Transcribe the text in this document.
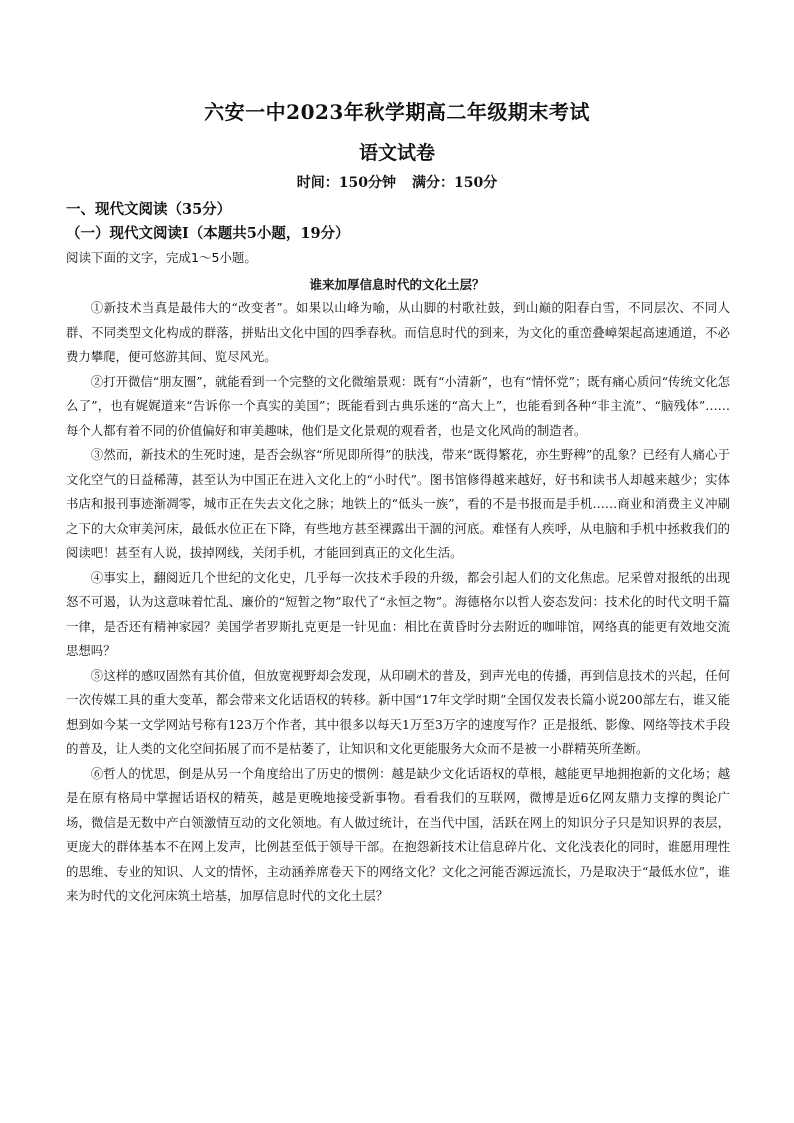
六安一中2023年秋学期高二年级期末考试
语文试卷
时间：150分钟 满分：150分
一、现代文阅读（35分）
（一）现代文阅读Ⅰ（本题共5小题，19分）
阅读下面的文字，完成1～5小题。
谁来加厚信息时代的文化土层？

①新技术当真是最伟大的“改变者”。如果以山峰为喻，从山脚的村歌社鼓，到山巅的阳春白雪，不同层次、不同人群、不同类型文化构成的群落，拼贴出文化中国的四季春秋。而信息时代的到来，为文化的重峦叠嶂架起高速通道，不必费力攀爬，便可悠游其间、览尽风光。

②打开微信“朋友圈”，就能看到一个完整的文化微缩景观：既有“小清新”，也有“情怀党”；既有痛心质问“传统文化怎么了”，也有娓娓道来“告诉你一个真实的美国”；既能看到古典乐迷的“高大上”，也能看到各种“非主流”、“脑残体”……每个人都有着不同的价值偏好和审美趣味，他们是文化景观的观看者，也是文化风尚的制造者。

③然而，新技术的生死时速，是否会纵容“所见即所得”的肤浅，带来“既得繁花，亦生野稗”的乱象？已经有人痛心于文化空气的日益稀薄，甚至认为中国正在进入文化上的“小时代”。图书馆修得越来越好，好书和读书人却越来越少；实体书店和报刊事迹渐凋零，城市正在失去文化之脉；地铁上的“低头一族”，看的不是书报而是手机……商业和消费主义冲刷之下的大众审美河床，最低水位正在下降，有些地方甚至裸露出干涸的河底。难怪有人疾呼，从电脑和手机中拯救我们的阅读吧！甚至有人说，拔掉网线，关闭手机，才能回到真正的文化生活。

④事实上，翻阅近几个世纪的文化史，几乎每一次技术手段的升级，都会引起人们的文化焦虑。尼采曾对报纸的出现怒不可遏，认为这意味着忙乱、廉价的“短暂之物”取代了“永恒之物”。海德格尔以哲人姿态发问：技术化的时代文明千篇一律，是否还有精神家园？美国学者罗斯扎克更是一针见血：相比在黄昏时分去附近的咖啡馆，网络真的能更有效地交流思想吗？

⑤这样的感叹固然有其价值，但放宽视野却会发现，从印刷术的普及，到声光电的传播，再到信息技术的兴起，任何一次传媒工具的重大变革，都会带来文化话语权的转移。新中国“17年文学时期”全国仅发表长篇小说200部左右，谁又能想到如今某一文学网站号称有123万个作者，其中很多以每天1万至3万字的速度写作？正是报纸、影像、网络等技术手段的普及，让人类的文化空间拓展了而不是枯萎了，让知识和文化更能服务大众而不是被一小群精英所垄断。

⑥哲人的忧思，倒是从另一个角度给出了历史的惯例：越是缺少文化话语权的草根，越能更早地拥抱新的文化场；越是在原有格局中掌握话语权的精英，越是更晚地接受新事物。看看我们的互联网，微博是近6亿网友鼎力支撑的舆论广场，微信是无数中产白领激情互动的文化领地。有人做过统计，在当代中国，活跃在网上的知识分子只是知识界的表层，更庞大的群体基本不在网上发声，比例甚至低于领导干部。在抱怨新技术让信息碎片化、文化浅表化的同时，谁愿用理性的思维、专业的知识、人文的情怀，主动涵养席卷天下的网络文化？文化之河能否源远流长，乃是取决于“最低水位”，谁来为时代的文化河床筑土培基，加厚信息时代的文化土层？
